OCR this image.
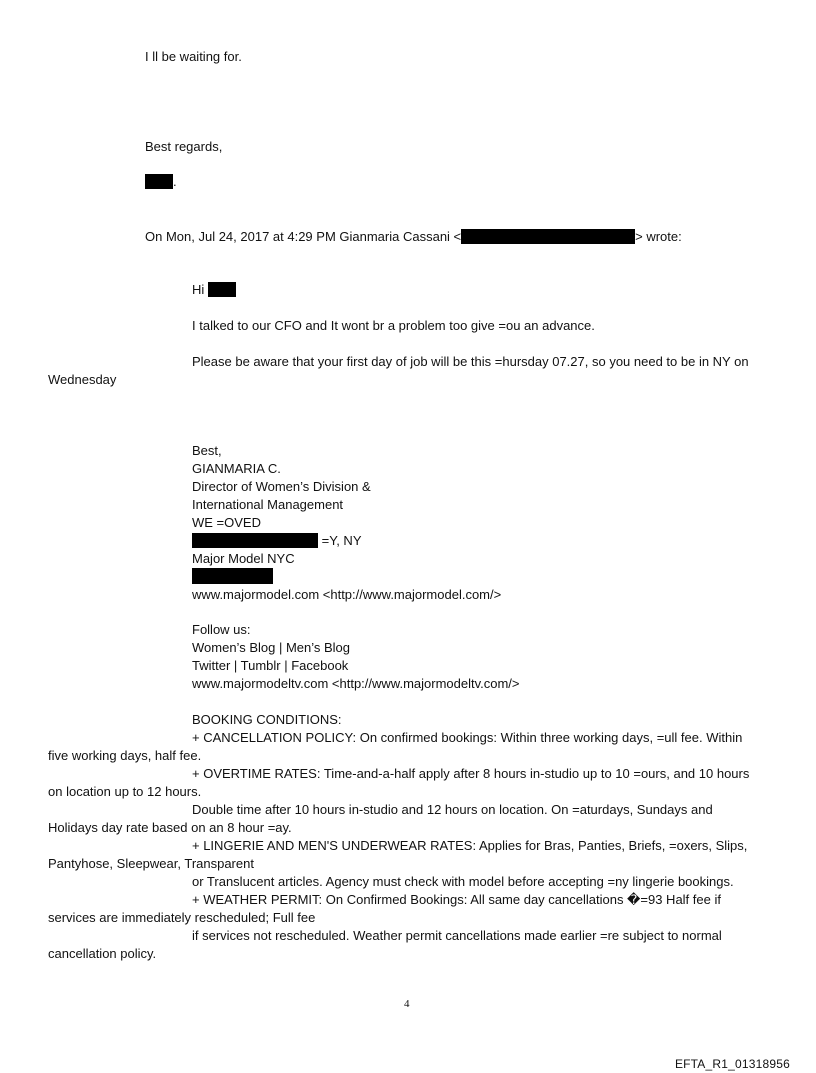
I ll be waiting for.
Best regards,
.
On Mon, Jul 24, 2017 at 4:29 PM Gianmaria Cassani <	> wrote:
Hi
I talked to our CFO and It wont br a problem too give =ou an advance.
Please be aware that your first day of job will be this =hursday 07.27, so you need to be in NY on
Wednesday
Best,
GIANMARIA C.
Director of Women’s Division &
International Management
WE =OVED
=Y, NY
Major Model NYC
www.majormodel.com <http://www.majormodel.com/>
Follow us:
Women’s Blog | Men’s Blog
Twitter | Tumblr | Facebook
www.majormodeltv.com <http://www.majormodeltv.com/>
BOOKING CONDITIONS:
+ CANCELLATION POLICY: On confirmed bookings: Within three working days, =ull fee. Within
five working days, half fee.
+ OVERTIME RATES: Time-and-a-half apply after 8 hours in-studio up to 10 =ours, and 10 hours
on location up to 12 hours.
Double time after 10 hours in-studio and 12 hours on location. On =aturdays, Sundays and
Holidays day rate based on an 8 hour =ay.
+ LINGERIE AND MEN'S UNDERWEAR RATES: Applies for Bras, Panties, Briefs, =oxers, Slips,
Pantyhose, Sleepwear, Transparent
or Translucent articles. Agency must check with model before accepting =ny lingerie bookings.
+ WEATHER PERMIT: On Confirmed Bookings: All same day cancellations �=93 Half fee if
services are immediately rescheduled; Full fee
if services not rescheduled. Weather permit cancellations made earlier =re subject to normal
cancellation policy.
4
EFTA_R1_01318956
